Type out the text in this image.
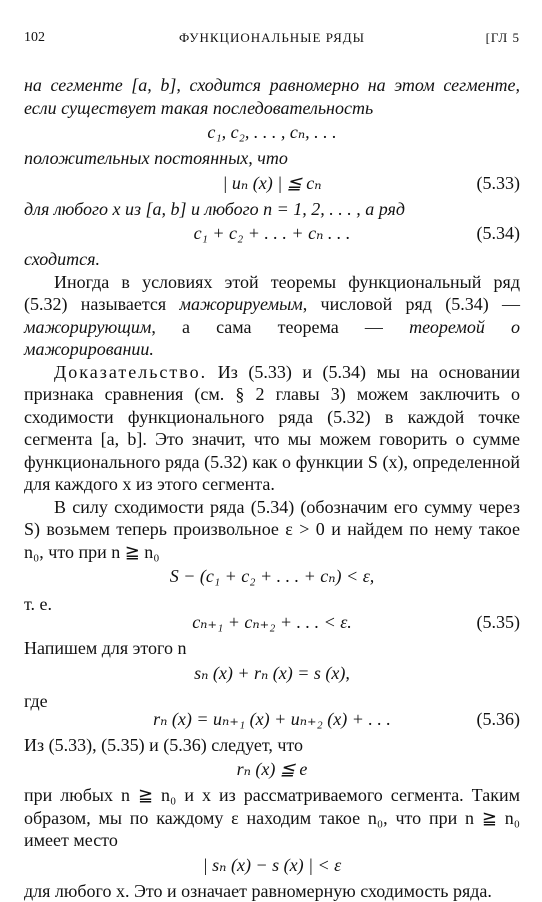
102	ФУНКЦИОНАЛЬНЫЕ РЯДЫ	[ГЛ 5

на сегменте [a, b], сходится равномерно на этом сегменте, если существует такая последовательность

c₁, c₂, . . . , cₙ, . . .

положительных постоянных, что

| uₙ (x) | ≦ cₙ	(5.33)

для любого x из [a, b] и любого n = 1, 2, . . . , а ряд

c₁ + c₂ + . . . + cₙ . . .	(5.34)

сходится.

Иногда в условиях этой теоремы функциональный ряд (5.32) называется мажорируемым, числовой ряд (5.34) — мажорирующим, а сама теорема — теоремой о мажорировании.

Доказательство. Из (5.33) и (5.34) мы на основании признака сравнения (см. § 2 главы 3) можем заключить о сходимости функционального ряда (5.32) в каждой точке сегмента [a, b]. Это значит, что мы можем говорить о сумме функционального ряда (5.32) как о функции S (x), определенной для каждого x из этого сегмента.

В силу сходимости ряда (5.34) (обозначим его сумму через S) возьмем теперь произвольное ε > 0 и найдем по нему такое n₀, что при n ≧ n₀

S − (c₁ + c₂ + . . . + cₙ) < ε,
т. е.
cₙ₊₁ + cₙ₊₂ + . . . < ε.	(5.35)

Напишем для этого n

sₙ (x) + rₙ (x) = s (x),
где
rₙ (x) = uₙ₊₁ (x) + uₙ₊₂ (x) + . . .	(5.36)

Из (5.33), (5.35) и (5.36) следует, что

rₙ (x) ≦ e

при любых n ≧ n₀ и x из рассматриваемого сегмента. Таким образом, мы по каждому ε находим такое n₀, что при n ≧ n₀ имеет место

| sₙ (x) − s (x) | < ε

для любого x. Это и означает равномерную сходимость ряда.
